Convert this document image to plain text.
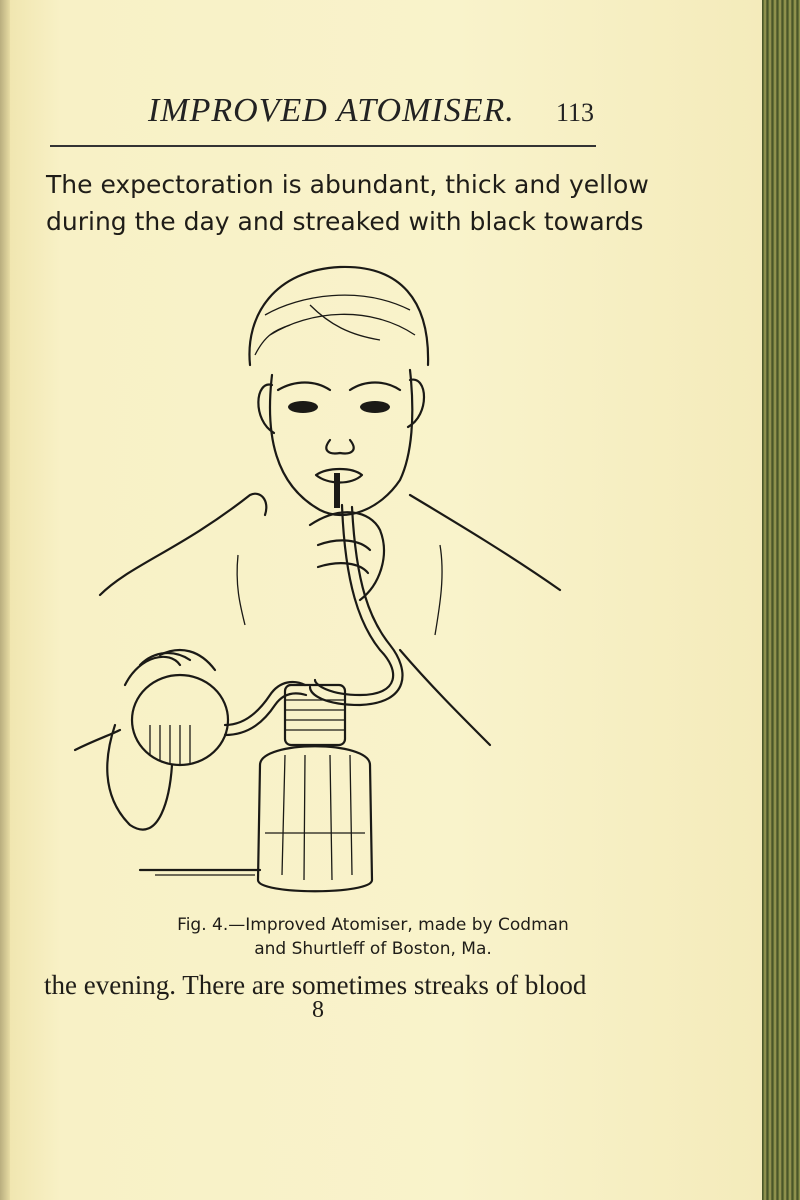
IMPROVED ATOMISER. 113
The expectoration is abundant, thick and yellow
during the day and streaked with black towards
Fig. 4.—Improved Atomiser, made by Codman
and Shurtleff of Boston, Ma.
the evening. There are sometimes streaks of blood
8
